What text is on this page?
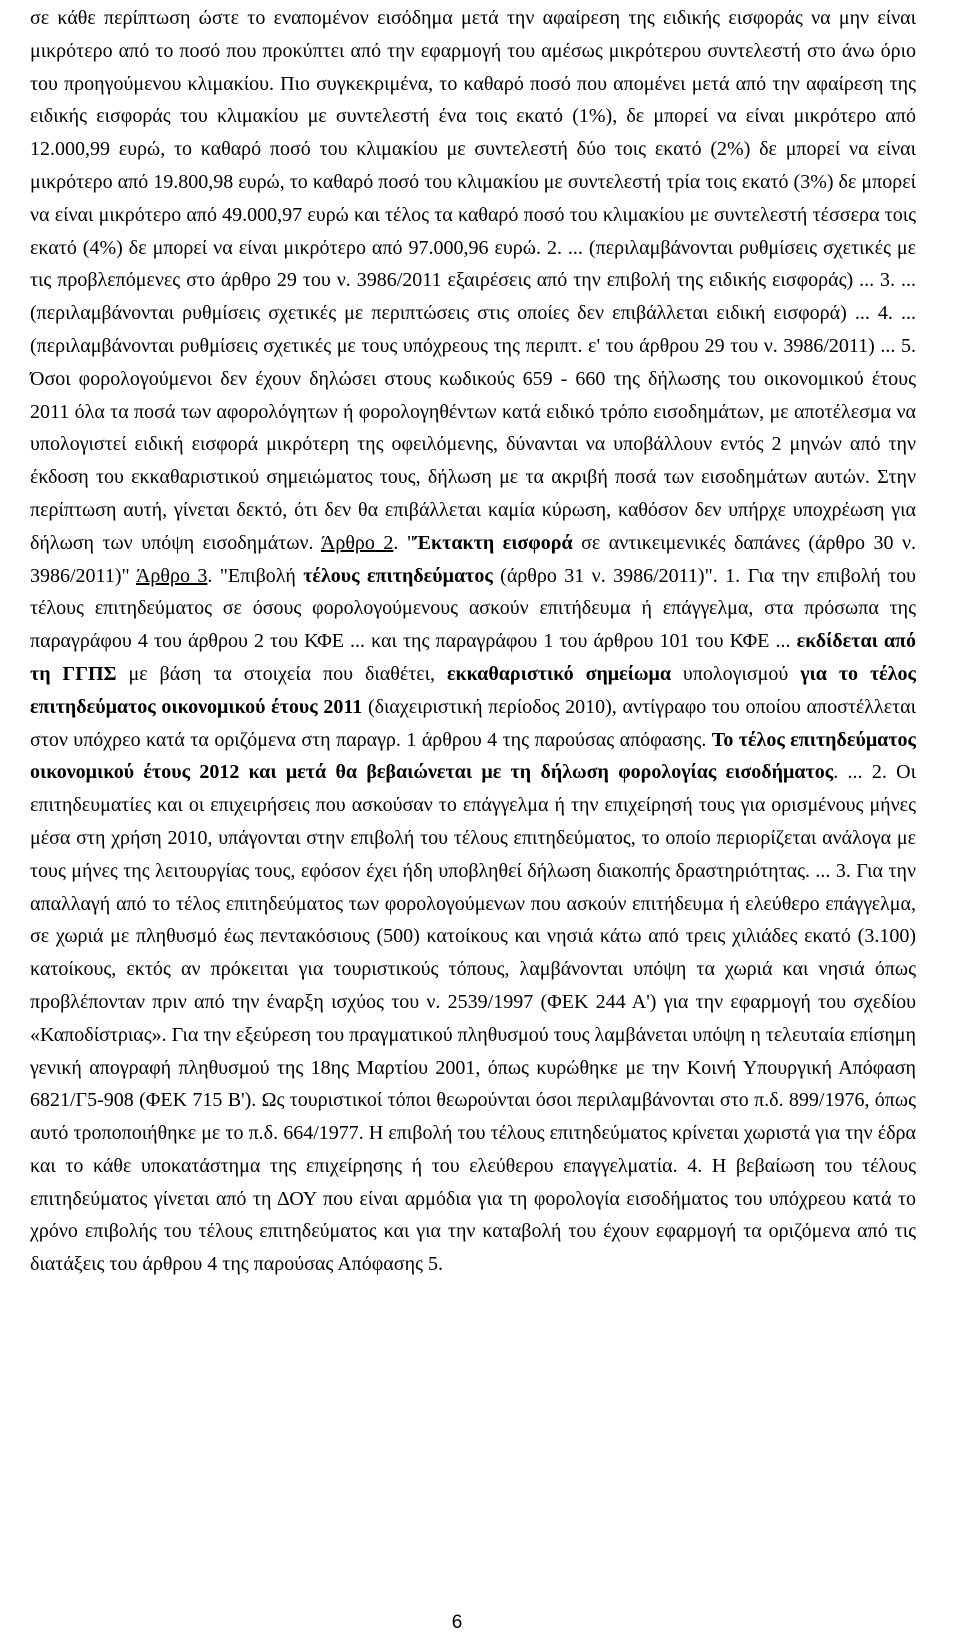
σε κάθε περίπτωση ώστε το εναπομένον εισόδημα μετά την αφαίρεση της ειδικής εισφοράς να μην είναι μικρότερο από το ποσό που προκύπτει από την εφαρμογή του αμέσως μικρότερου συντελεστή στο άνω όριο του προηγούμενου κλιμακίου. Πιο συγκεκριμένα, το καθαρό ποσό που απομένει μετά από την αφαίρεση της ειδικής εισφοράς του κλιμακίου με συντελεστή ένα τοις εκατό (1%), δε μπορεί να είναι μικρότερο από 12.000,99 ευρώ, το καθαρό ποσό του κλιμακίου με συντελεστή δύο τοις εκατό (2%) δε μπορεί να είναι μικρότερο από 19.800,98 ευρώ, το καθαρό ποσό του κλιμακίου με συντελεστή τρία τοις εκατό (3%) δε μπορεί να είναι μικρότερο από 49.000,97 ευρώ και τέλος τα καθαρό ποσό του κλιμακίου με συντελεστή τέσσερα τοις εκατό (4%) δε μπορεί να είναι μικρότερο από 97.000,96 ευρώ. 2. ... (περιλαμβάνονται ρυθμίσεις σχετικές με τις προβλεπόμενες στο άρθρο 29 του ν. 3986/2011 εξαιρέσεις από την επιβολή της ειδικής εισφοράς) ... 3. ... (περιλαμβάνονται ρυθμίσεις σχετικές με περιπτώσεις στις οποίες δεν επιβάλλεται ειδική εισφορά) ... 4. ... (περιλαμβάνονται ρυθμίσεις σχετικές με τους υπόχρεους της περιπτ. ε' του άρθρου 29 του ν. 3986/2011) ... 5. Όσοι φορολογούμενοι δεν έχουν δηλώσει στους κωδικούς 659 - 660 της δήλωσης του οικονομικού έτους 2011 όλα τα ποσά των αφορολόγητων ή φορολογηθέντων κατά ειδικό τρόπο εισοδημάτων, με αποτέλεσμα να υπολογιστεί ειδική εισφορά μικρότερη της οφειλόμενης, δύνανται να υποβάλλουν εντός 2 μηνών από την έκδοση του εκκαθαριστικού σημειώματος τους, δήλωση με τα ακριβή ποσά των εισοδημάτων αυτών. Στην περίπτωση αυτή, γίνεται δεκτό, ότι δεν θα επιβάλλεται καμία κύρωση, καθόσον δεν υπήρχε υποχρέωση για δήλωση των υπόψη εισοδημάτων. Άρθρο 2. "Έκτακτη εισφορά σε αντικειμενικές δαπάνες (άρθρο 30 ν. 3986/2011)" Άρθρο 3. "Επιβολή τέλους επιτηδεύματος (άρθρο 31 ν. 3986/2011)". 1. Για την επιβολή του τέλους επιτηδεύματος σε όσους φορολογούμενους ασκούν επιτήδευμα ή επάγγελμα, στα πρόσωπα της παραγράφου 4 του άρθρου 2 του ΚΦΕ ... και της παραγράφου 1 του άρθρου 101 του ΚΦΕ ... εκδίδεται από τη ΓΓΠΣ με βάση τα στοιχεία που διαθέτει, εκκαθαριστικό σημείωμα υπολογισμού για το τέλος επιτηδεύματος οικονομικού έτους 2011 (διαχειριστική περίοδος 2010), αντίγραφο του οποίου αποστέλλεται στον υπόχρεο κατά τα οριζόμενα στη παραγρ. 1 άρθρου 4 της παρούσας απόφασης. Το τέλος επιτηδεύματος οικονομικού έτους 2012 και μετά θα βεβαιώνεται με τη δήλωση φορολογίας εισοδήματος. ... 2. Οι επιτηδευματίες και οι επιχειρήσεις που ασκούσαν το επάγγελμα ή την επιχείρησή τους για ορισμένους μήνες μέσα στη χρήση 2010, υπάγονται στην επιβολή του τέλους επιτηδεύματος, το οποίο περιορίζεται ανάλογα με τους μήνες της λειτουργίας τους, εφόσον έχει ήδη υποβληθεί δήλωση διακοπής δραστηριότητας. ... 3. Για την απαλλαγή από το τέλος επιτηδεύματος των φορολογούμενων που ασκούν επιτήδευμα ή ελεύθερο επάγγελμα, σε χωριά με πληθυσμό έως πεντακόσιους (500) κατοίκους και νησιά κάτω από τρεις χιλιάδες εκατό (3.100) κατοίκους, εκτός αν πρόκειται για τουριστικούς τόπους, λαμβάνονται υπόψη τα χωριά και νησιά όπως προβλέπονταν πριν από την έναρξη ισχύος του ν. 2539/1997 (ΦΕΚ 244 Α') για την εφαρμογή του σχεδίου «Καποδίστριας». Για την εξεύρεση του πραγματικού πληθυσμού τους λαμβάνεται υπόψη η τελευταία επίσημη γενική απογραφή πληθυσμού της 18ης Μαρτίου 2001, όπως κυρώθηκε με την Κοινή Υπουργική Απόφαση 6821/Γ5-908 (ΦΕΚ 715 Β'). Ως τουριστικοί τόποι θεωρούνται όσοι περιλαμβάνονται στο π.δ. 899/1976, όπως αυτό τροποποιήθηκε με το π.δ. 664/1977. Η επιβολή του τέλους επιτηδεύματος κρίνεται χωριστά για την έδρα και το κάθε υποκατάστημα της επιχείρησης ή του ελεύθερου επαγγελματία. 4. Η βεβαίωση του τέλους επιτηδεύματος γίνεται από τη ΔΟΥ που είναι αρμόδια για τη φορολογία εισοδήματος του υπόχρεου κατά το χρόνο επιβολής του τέλους επιτηδεύματος και για την καταβολή του έχουν εφαρμογή τα οριζόμενα από τις διατάξεις του άρθρου 4 της παρούσας Απόφασης 5.

6
